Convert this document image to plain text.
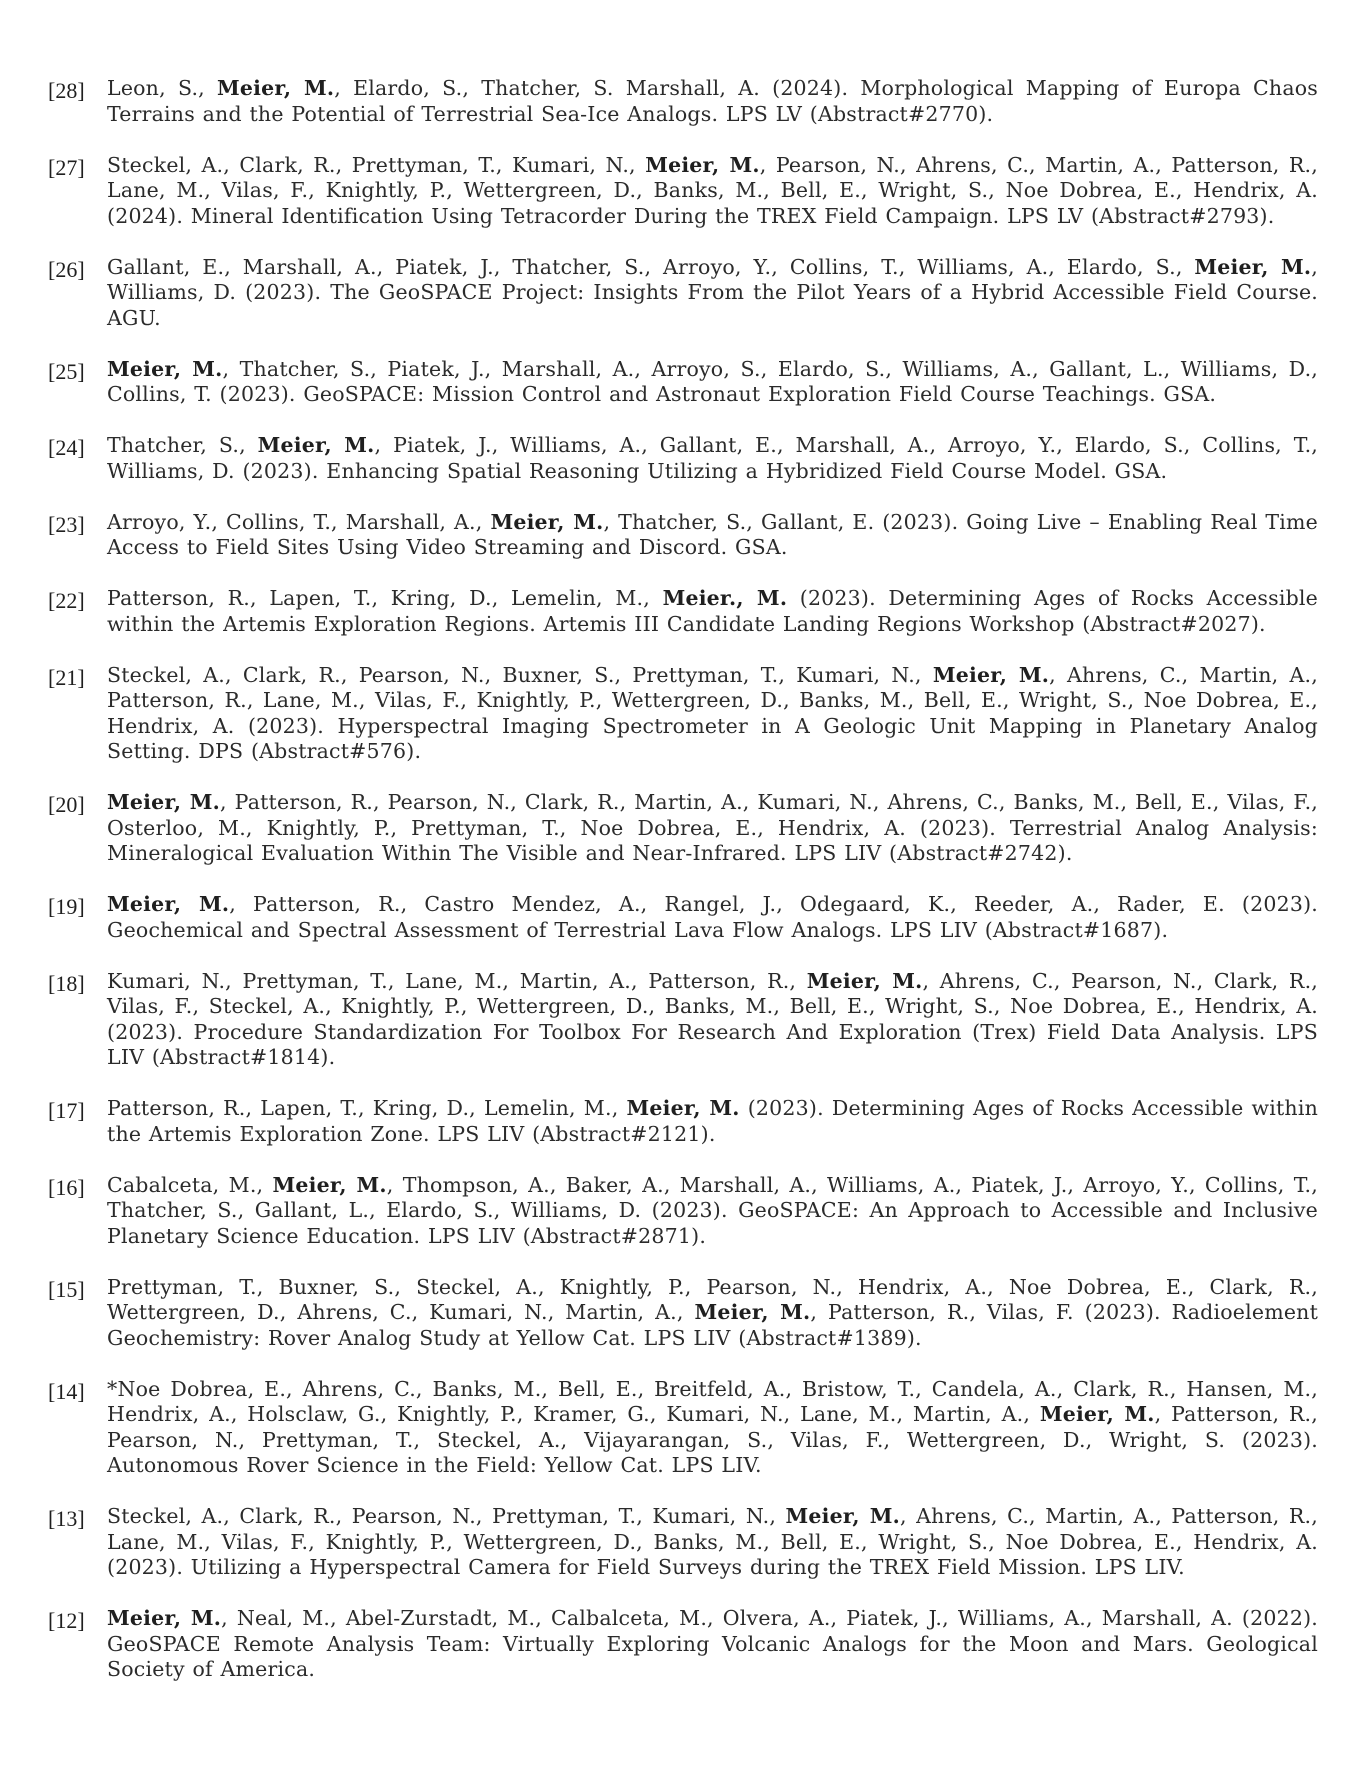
[28]	Leon, S., Meier, M., Elardo, S., Thatcher, S. Marshall, A. (2024). Morphological Mapping of Europa Chaos Terrains and the Potential of Terrestrial Sea-Ice Analogs. LPS LV (Abstract#2770).
[27]	Steckel, A., Clark, R., Prettyman, T., Kumari, N., Meier, M., Pearson, N., Ahrens, C., Martin, A., Patterson, R., Lane, M., Vilas, F., Knightly, P., Wettergreen, D., Banks, M., Bell, E., Wright, S., Noe Dobrea, E., Hendrix, A. (2024). Mineral Identification Using Tetracorder During the TREX Field Campaign. LPS LV (Abstract#2793).
[26]	Gallant, E., Marshall, A., Piatek, J., Thatcher, S., Arroyo, Y., Collins, T., Williams, A., Elardo, S., Meier, M., Williams, D. (2023). The GeoSPACE Project: Insights From the Pilot Years of a Hybrid Accessible Field Course. AGU.
[25]	Meier, M., Thatcher, S., Piatek, J., Marshall, A., Arroyo, S., Elardo, S., Williams, A., Gallant, L., Williams, D., Collins, T. (2023). GeoSPACE: Mission Control and Astronaut Exploration Field Course Teachings. GSA.
[24]	Thatcher, S., Meier, M., Piatek, J., Williams, A., Gallant, E., Marshall, A., Arroyo, Y., Elardo, S., Collins, T., Williams, D. (2023). Enhancing Spatial Reasoning Utilizing a Hybridized Field Course Model. GSA.
[23]	Arroyo, Y., Collins, T., Marshall, A., Meier, M., Thatcher, S., Gallant, E. (2023). Going Live – Enabling Real Time Access to Field Sites Using Video Streaming and Discord. GSA.
[22]	Patterson, R., Lapen, T., Kring, D., Lemelin, M., Meier., M. (2023). Determining Ages of Rocks Accessible within the Artemis Exploration Regions. Artemis III Candidate Landing Regions Workshop (Abstract#2027).
[21]	Steckel, A., Clark, R., Pearson, N., Buxner, S., Prettyman, T., Kumari, N., Meier, M., Ahrens, C., Martin, A., Patterson, R., Lane, M., Vilas, F., Knightly, P., Wettergreen, D., Banks, M., Bell, E., Wright, S., Noe Dobrea, E., Hendrix, A. (2023). Hyperspectral Imaging Spectrometer in A Geologic Unit Mapping in Planetary Analog Setting. DPS (Abstract#576).
[20]	Meier, M., Patterson, R., Pearson, N., Clark, R., Martin, A., Kumari, N., Ahrens, C., Banks, M., Bell, E., Vilas, F., Osterloo, M., Knightly, P., Prettyman, T., Noe Dobrea, E., Hendrix, A. (2023). Terrestrial Analog Analysis: Mineralogical Evaluation Within The Visible and Near-Infrared. LPS LIV (Abstract#2742).
[19]	Meier, M., Patterson, R., Castro Mendez, A., Rangel, J., Odegaard, K., Reeder, A., Rader, E. (2023). Geochemical and Spectral Assessment of Terrestrial Lava Flow Analogs. LPS LIV (Abstract#1687).
[18]	Kumari, N., Prettyman, T., Lane, M., Martin, A., Patterson, R., Meier, M., Ahrens, C., Pearson, N., Clark, R., Vilas, F., Steckel, A., Knightly, P., Wettergreen, D., Banks, M., Bell, E., Wright, S., Noe Dobrea, E., Hendrix, A. (2023). Procedure Standardization For Toolbox For Research And Exploration (Trex) Field Data Analysis. LPS LIV (Abstract#1814).
[17]	Patterson, R., Lapen, T., Kring, D., Lemelin, M., Meier, M. (2023). Determining Ages of Rocks Accessible within the Artemis Exploration Zone. LPS LIV (Abstract#2121).
[16]	Cabalceta, M., Meier, M., Thompson, A., Baker, A., Marshall, A., Williams, A., Piatek, J., Arroyo, Y., Collins, T., Thatcher, S., Gallant, L., Elardo, S., Williams, D. (2023). GeoSPACE: An Approach to Accessible and Inclusive Planetary Science Education. LPS LIV (Abstract#2871).
[15]	Prettyman, T., Buxner, S., Steckel, A., Knightly, P., Pearson, N., Hendrix, A., Noe Dobrea, E., Clark, R., Wettergreen, D., Ahrens, C., Kumari, N., Martin, A., Meier, M., Patterson, R., Vilas, F. (2023). Radioelement Geochemistry: Rover Analog Study at Yellow Cat. LPS LIV (Abstract#1389).
[14]	*Noe Dobrea, E., Ahrens, C., Banks, M., Bell, E., Breitfeld, A., Bristow, T., Candela, A., Clark, R., Hansen, M., Hendrix, A., Holsclaw, G., Knightly, P., Kramer, G., Kumari, N., Lane, M., Martin, A., Meier, M., Patterson, R., Pearson, N., Prettyman, T., Steckel, A., Vijayarangan, S., Vilas, F., Wettergreen, D., Wright, S. (2023). Autonomous Rover Science in the Field: Yellow Cat. LPS LIV.
[13]	Steckel, A., Clark, R., Pearson, N., Prettyman, T., Kumari, N., Meier, M., Ahrens, C., Martin, A., Patterson, R., Lane, M., Vilas, F., Knightly, P., Wettergreen, D., Banks, M., Bell, E., Wright, S., Noe Dobrea, E., Hendrix, A. (2023). Utilizing a Hyperspectral Camera for Field Surveys during the TREX Field Mission. LPS LIV.
[12]	Meier, M., Neal, M., Abel-Zurstadt, M., Calbalceta, M., Olvera, A., Piatek, J., Williams, A., Marshall, A. (2022). GeoSPACE Remote Analysis Team: Virtually Exploring Volcanic Analogs for the Moon and Mars. Geological Society of America.
